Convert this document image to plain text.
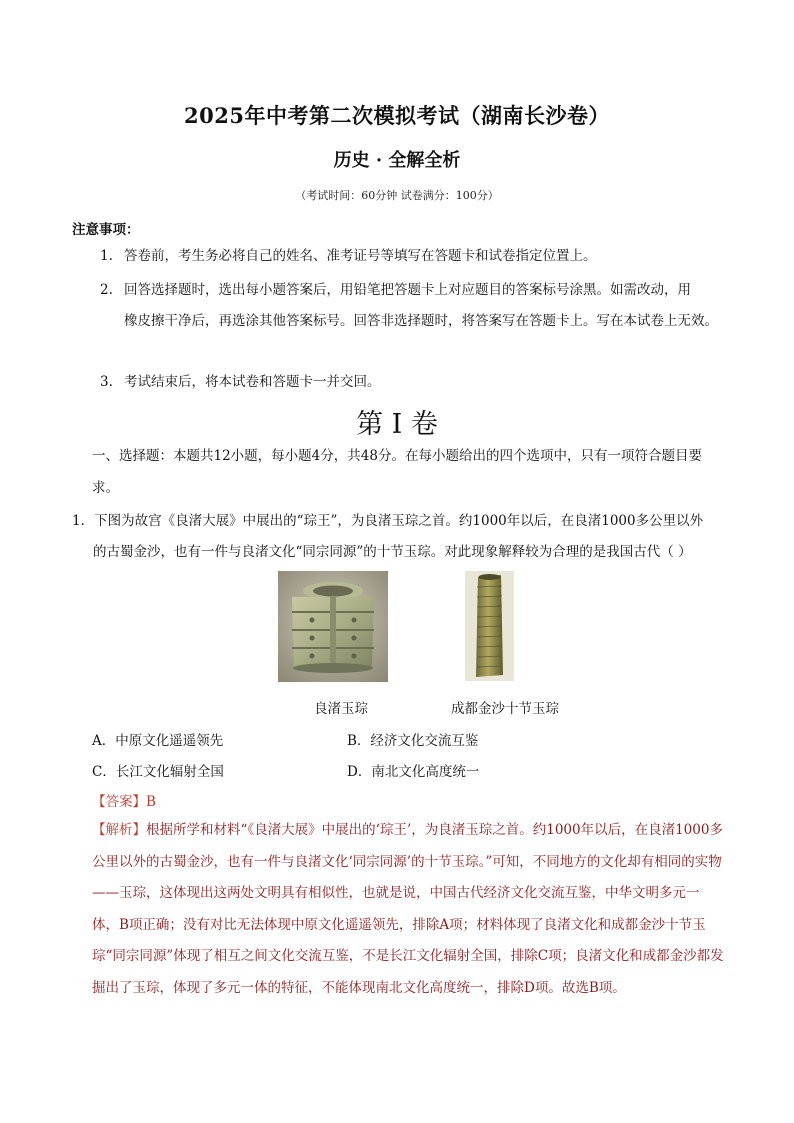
2025年中考第二次模拟考试（湖南长沙卷）
历史 · 全解全析
（考试时间：60分钟 试卷满分：100分）
注意事项：
1. 答卷前，考生务必将自己的姓名、准考证号等填写在答题卡和试卷指定位置上。
2. 回答选择题时，选出每小题答案后，用铅笔把答题卡上对应题目的答案标号涂黑。如需改动，用
橡皮擦干净后，再选涂其他答案标号。回答非选择题时，将答案写在答题卡上。写在本试卷上无效。
3. 考试结束后，将本试卷和答题卡一并交回。
第 I 卷
一、选择题：本题共12小题，每小题4分，共48分。在每小题给出的四个选项中，只有一项符合题目要求。
1．下图为故宫《良渚大展》中展出的“琮王”，为良渚玉琮之首。约1000年以后，在良渚1000多公里以外
的古蜀金沙，也有一件与良渚文化“同宗同源”的十节玉琮。对此现象解释较为合理的是我国古代（ ）
良渚玉琮	成都金沙十节玉琮
A．中原文化遥遥领先	B．经济文化交流互鉴
C．长江文化辐射全国	D．南北文化高度统一
【答案】B
【解析】根据所学和材料“《良渚大展》中展出的‘琮王’，为良渚玉琮之首。约1000年以后，在良渚1000多公里以外的古蜀金沙，也有一件与良渚文化‘同宗同源’的十节玉琮。”可知，不同地方的文化却有相同的实物——玉琮，这体现出这两处文明具有相似性，也就是说，中国古代经济文化交流互鉴，中华文明多元一体，B项正确；没有对比无法体现中原文化遥遥领先，排除A项；材料体现了良渚文化和成都金沙十节玉琮“同宗同源”体现了相互之间文化交流互鉴，不是长江文化辐射全国，排除C项；良渚文化和成都金沙都发掘出了玉琮，体现了多元一体的特征，不能体现南北文化高度统一，排除D项。故选B项。
